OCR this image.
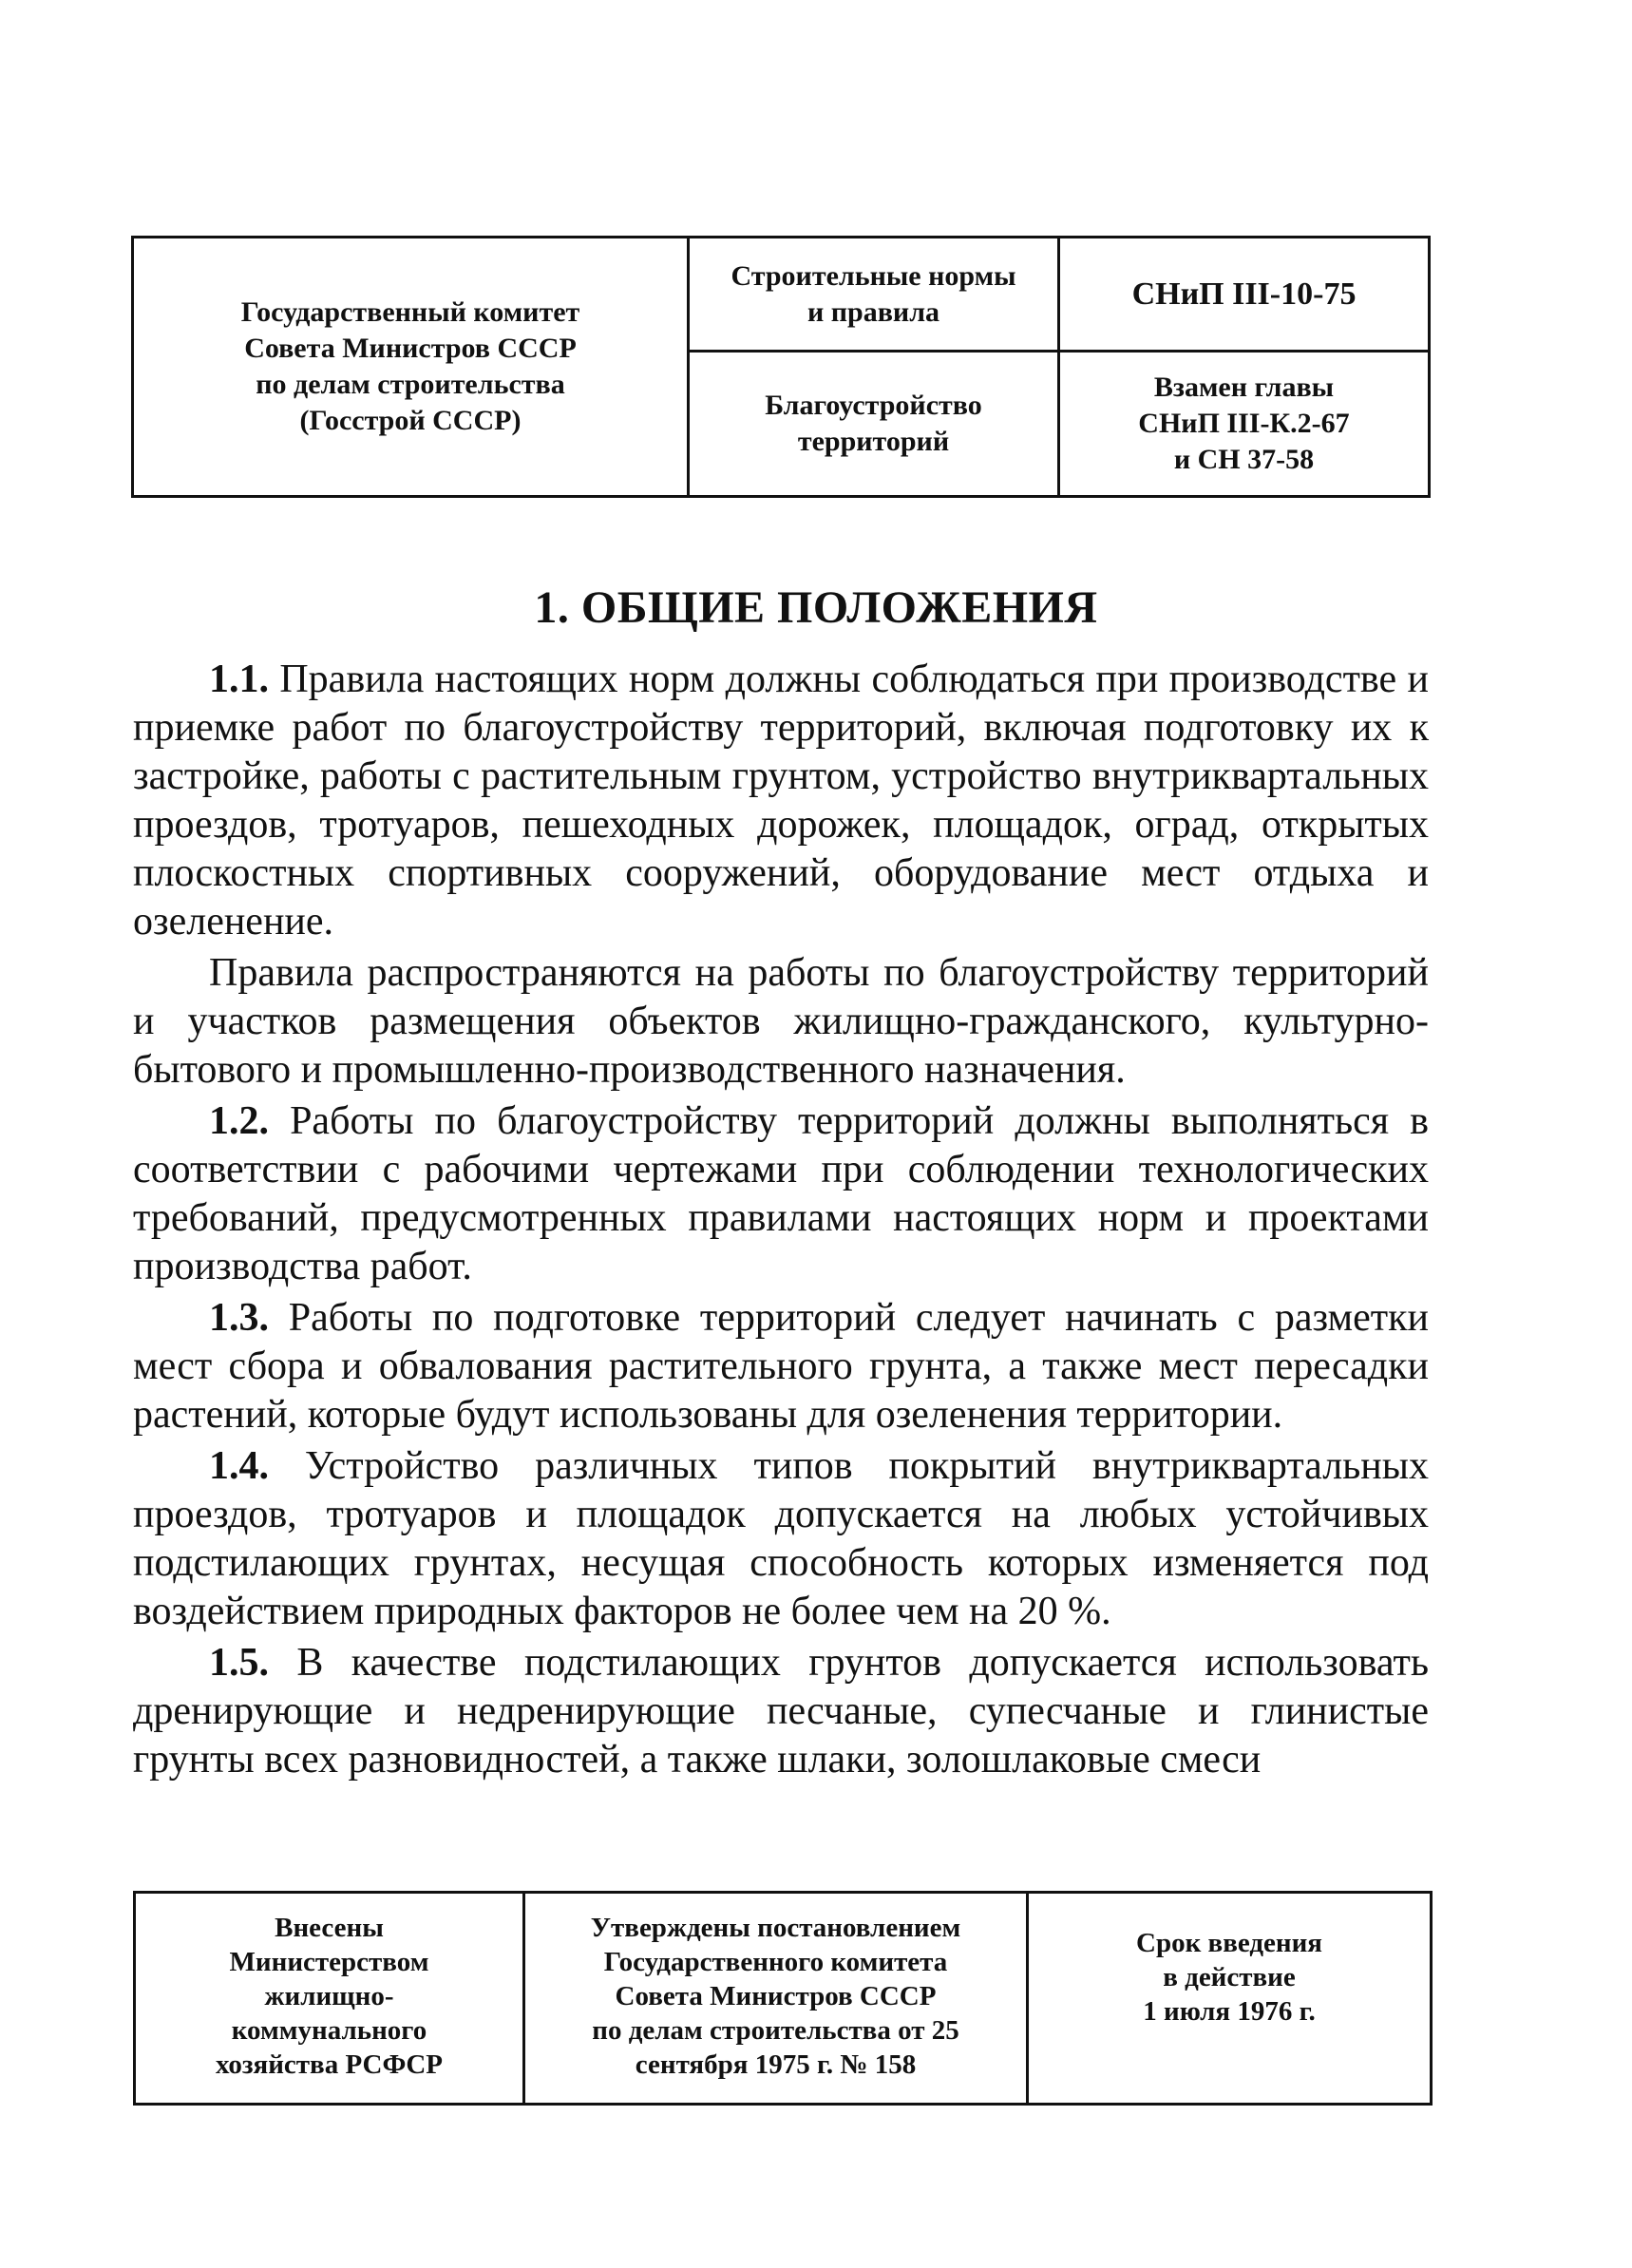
Государственный комитет
Совета Министров СССР
по делам строительства
(Госстрой СССР)
Строительные нормы
и правила
СНиП III-10-75
Благоустройство
территорий
Взамен главы
СНиП III-К.2-67
и СН 37-58
1. ОБЩИЕ ПОЛОЖЕНИЯ

1.1. Правила настоящих норм должны соблюдаться при производстве и приемке работ по благоустройству территорий, включая подготовку их к застройке, работы с растительным грунтом, устройство внутриквартальных проездов, тротуаров, пешеходных дорожек, площадок, оград, открытых плоскостных спортивных сооружений, оборудование мест отдыха и озеленение.

Правила распространяются на работы по благоустройству территорий и участков размещения объектов жилищно-гражданского, культурно-бытового и промышленно-производственного назначения.

1.2. Работы по благоустройству территорий должны выполняться в соответствии с рабочими чертежами при соблюдении технологических требований, предусмотренных правилами настоящих норм и проектами производства работ.

1.3. Работы по подготовке территорий следует начинать с разметки мест сбора и обвалования растительного грунта, а также мест пересадки растений, которые будут использованы для озеленения территории.

1.4. Устройство различных типов покрытий внутриквартальных проездов, тротуаров и площадок допускается на любых устойчивых подстилающих грунтах, несущая способность которых изменяется под воздействием природных факторов не более чем на 20 %.

1.5. В качестве подстилающих грунтов допускается использовать дренирующие и недренирующие песчаные, супесчаные и глинистые грунты всех разновидностей, а также шлаки, золошлаковые смеси

Внесены
Министерством
жилищно-
коммунального
хозяйства РСФСР
Утверждены постановлением
Государственного комитета
Совета Министров СССР
по делам строительства от 25
сентября 1975 г. № 158
Срок введения
в действие
1 июля 1976 г.
